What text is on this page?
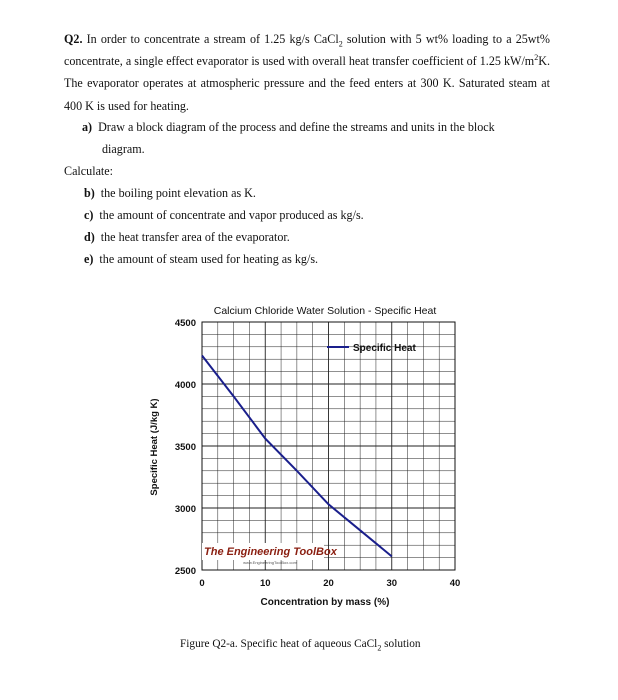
Q2. In order to concentrate a stream of 1.25 kg/s CaCl$_2$ solution with 5 wt% loading to a 25wt% concentrate, a single effect evaporator is used with overall heat transfer coefficient of 1.25 $kW/m^2K$. The evaporator operates at atmospheric pressure and the feed enters at 300 K. Saturated steam at 400 K is used for heating.
a) Draw a block diagram of the process and define the streams and units in the block
diagram.
Calculate:
b) the boiling point elevation as K.
c) the amount of concentrate and vapor produced as kg/s.
d) the heat transfer area of the evaporator.
e) the amount of steam used for heating as kg/s.
Calcium Chloride Water Solution - Specific Heat
0	10	20	30	40
2500
3000
3500
4000
4500
Specific Heat
The Engineering ToolBox
www.EngineeringToolBox.com
Specific Heat (J/kg K)
Concentration by mass (%)
Figure Q2-a. Specific heat of aqueous CaCl$_2$ solution
